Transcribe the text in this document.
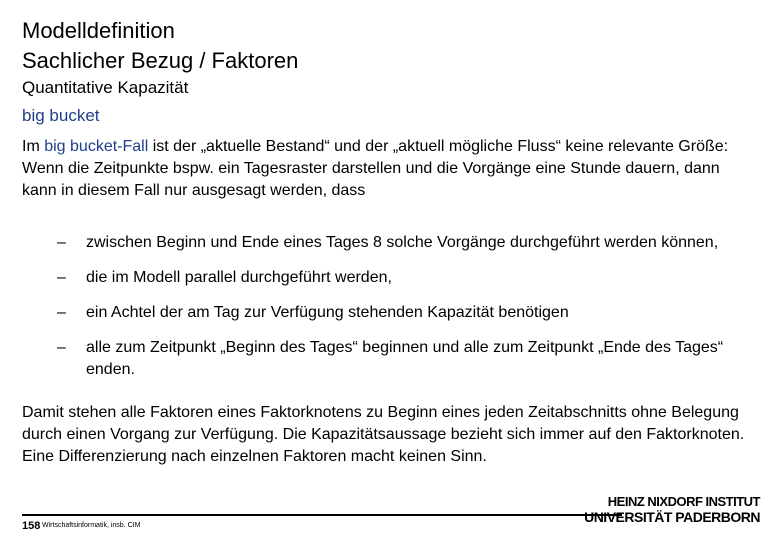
Modelldefinition
Sachlicher Bezug / Faktoren
Quantitative Kapazität
big bucket

Im big bucket-Fall ist der „aktuelle Bestand“ und der „aktuell mögliche Fluss“ keine relevante Größe:

Wenn die Zeitpunkte bspw. ein Tagesraster darstellen und die Vorgänge eine Stunde dauern, dann kann in diesem Fall nur ausgesagt werden, dass

– zwischen Beginn und Ende eines Tages 8 solche Vorgänge durchgeführt werden können,
– die im Modell parallel durchgeführt werden,
– ein Achtel der am Tag zur Verfügung stehenden Kapazität benötigen
– alle zum Zeitpunkt „Beginn des Tages“ beginnen und alle zum Zeitpunkt „Ende des Tages“ enden.
Damit stehen alle Faktoren eines Faktorknotens zu Beginn eines jeden Zeitabschnitts ohne Belegung durch einen Vorgang zur Verfügung. Die Kapazitätsaussage bezieht sich immer auf den Faktorknoten. Eine Differenzierung nach einzelnen Faktoren macht keinen Sinn.
158 Wirtschaftsinformatik, insb. CIM
HEINZ NIXDORF INSTITUT
UNIVERSITÄT PADERBORN
